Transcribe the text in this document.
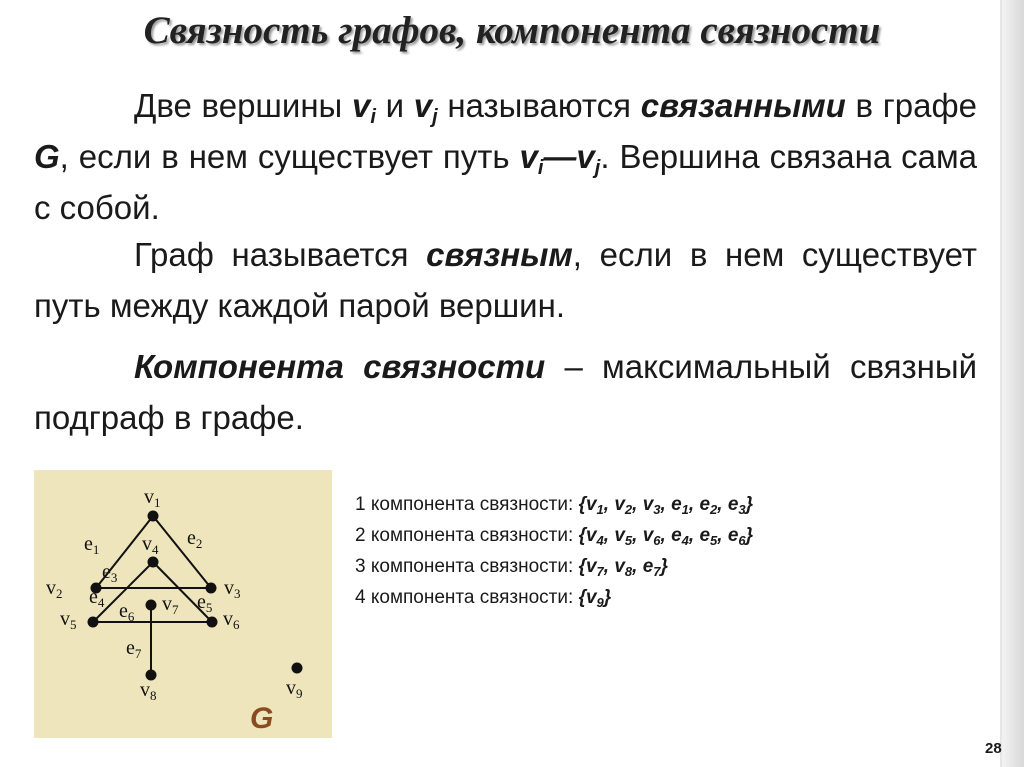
Связность графов, компонента связности
Две вершины $v_i$ и $v_j$ называются связанными в графе G, если в нем существует путь $v_i—v_j$. Вершина связана сама с собой.
Граф называется связным, если в нем существует путь между каждой парой вершин.
Компонента связности – максимальный связный подграф в графе.
$v_1$
$v_2$	$v_3$
$v_4$
$v_5$	$v_6$
$v_7$
$v_8$	$v_9$
$e_1$
$e_2$
$e_3$
$e_4$	$e_5$
$e_6$
$e_7$
G
1 компонента связности: {$v_1$, $v_2$, $v_3$, $e_1$, $e_2$, $e_3$}
2 компонента связности: {$v_4$, $v_5$, $v_6$, $e_4$, $e_5$, $e_6$}
3 компонента связности: {$v_7$, $v_8$, $e_7$}
4 компонента связности: $\{v_9\}$
28
